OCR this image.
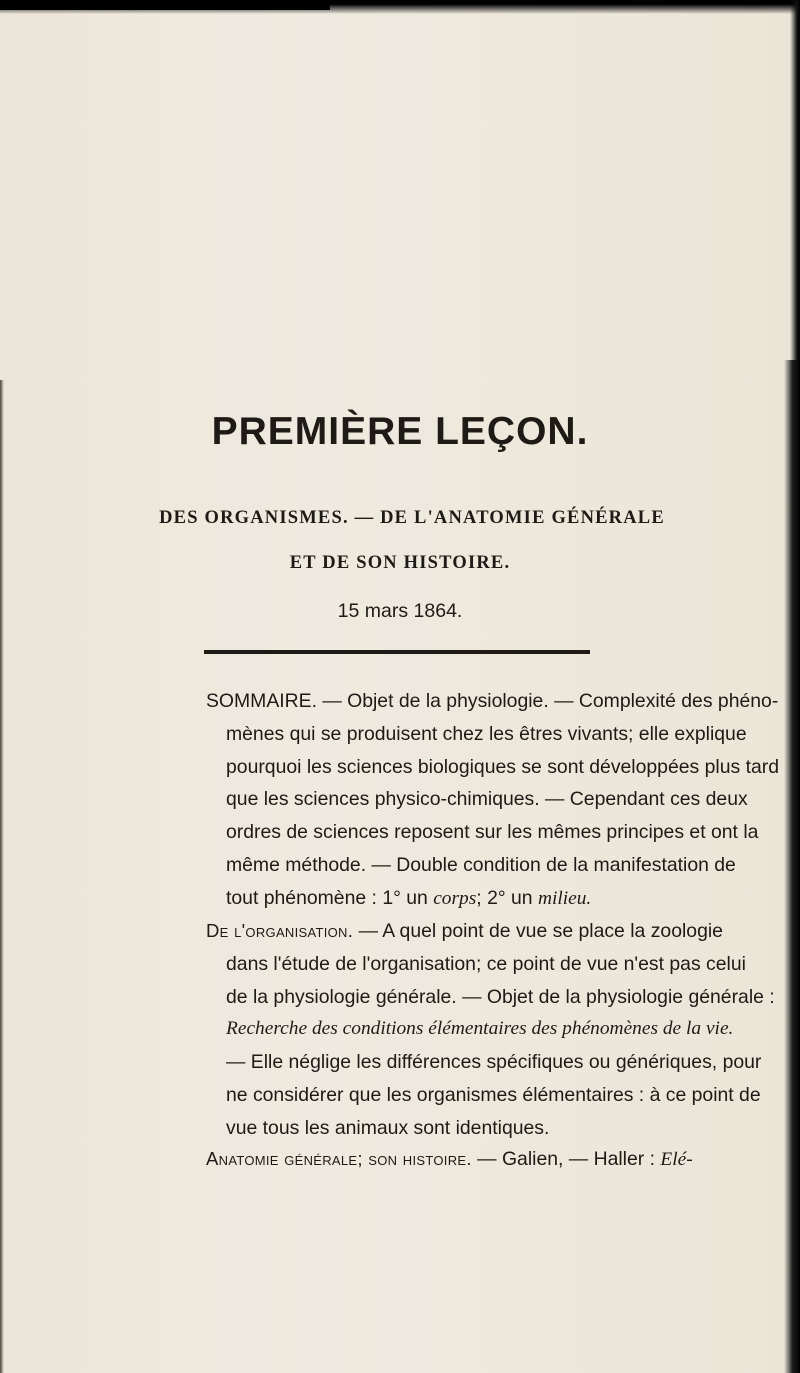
PREMIÈRE LEÇON.

DES ORGANISMES. — DE L'ANATOMIE GÉNÉRALE

ET DE SON HISTOIRE.

15 mars 1864.

SOMMAIRE. — Objet de la physiologie. — Complexité des phéno-
mènes qui se produisent chez les êtres vivants; elle explique
pourquoi les sciences biologiques se sont développées plus tard
que les sciences physico-chimiques. — Cependant ces deux
ordres de sciences reposent sur les mêmes principes et ont la
même méthode. — Double condition de la manifestation de
tout phénomène : 1° un corps; 2° un milieu.
De l'organisation. — A quel point de vue se place la zoologie
dans l'étude de l'organisation; ce point de vue n'est pas celui
de la physiologie générale. — Objet de la physiologie générale :
Recherche des conditions élémentaires des phénomènes de la vie.
— Elle néglige les différences spécifiques ou génériques, pour
ne considérer que les organismes élémentaires : à ce point de
vue tous les animaux sont identiques.
Anatomie générale; son histoire. — Galien, — Haller : Elé-
